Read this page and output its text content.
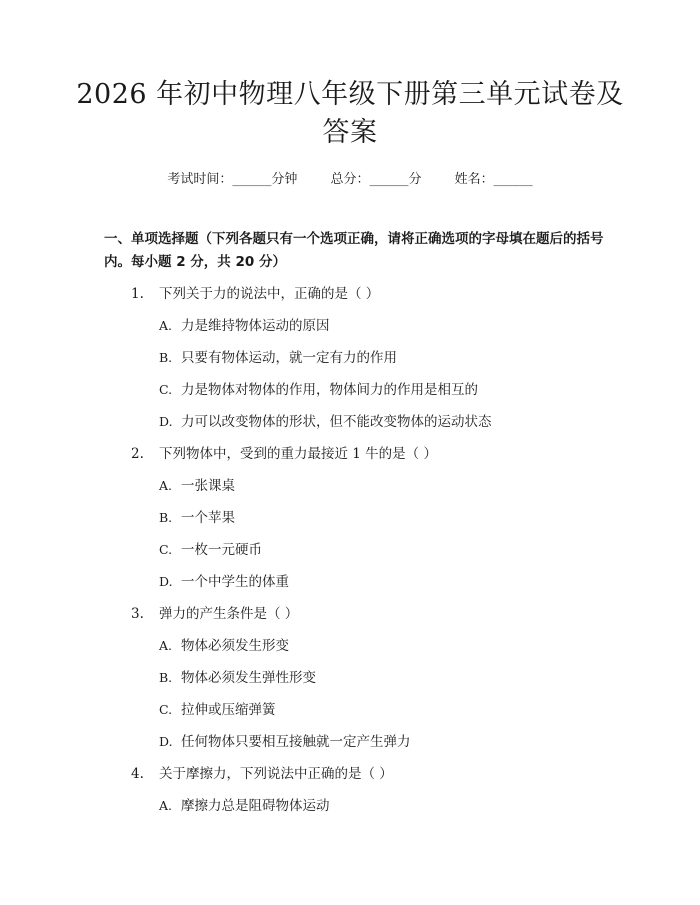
2026 年初中物理八年级下册第三单元试卷及
答案
考试时间：______分钟	总分：______分	姓名：______
一、单项选择题（下列各题只有一个选项正确，请将正确选项的字母填在题后的括号内。每小题 2 分，共 20 分）
1. 下列关于力的说法中，正确的是（ ）
A. 力是维持物体运动的原因
B. 只要有物体运动，就一定有力的作用
C. 力是物体对物体的作用，物体间力的作用是相互的
D. 力可以改变物体的形状，但不能改变物体的运动状态
2. 下列物体中，受到的重力最接近 1 牛的是（ ）
A. 一张课桌
B. 一个苹果
C. 一枚一元硬币
D. 一个中学生的体重
3. 弹力的产生条件是（ ）
A. 物体必须发生形变
B. 物体必须发生弹性形变
C. 拉伸或压缩弹簧
D. 任何物体只要相互接触就一定产生弹力
4. 关于摩擦力，下列说法中正确的是（ ）
A. 摩擦力总是阻碍物体运动
